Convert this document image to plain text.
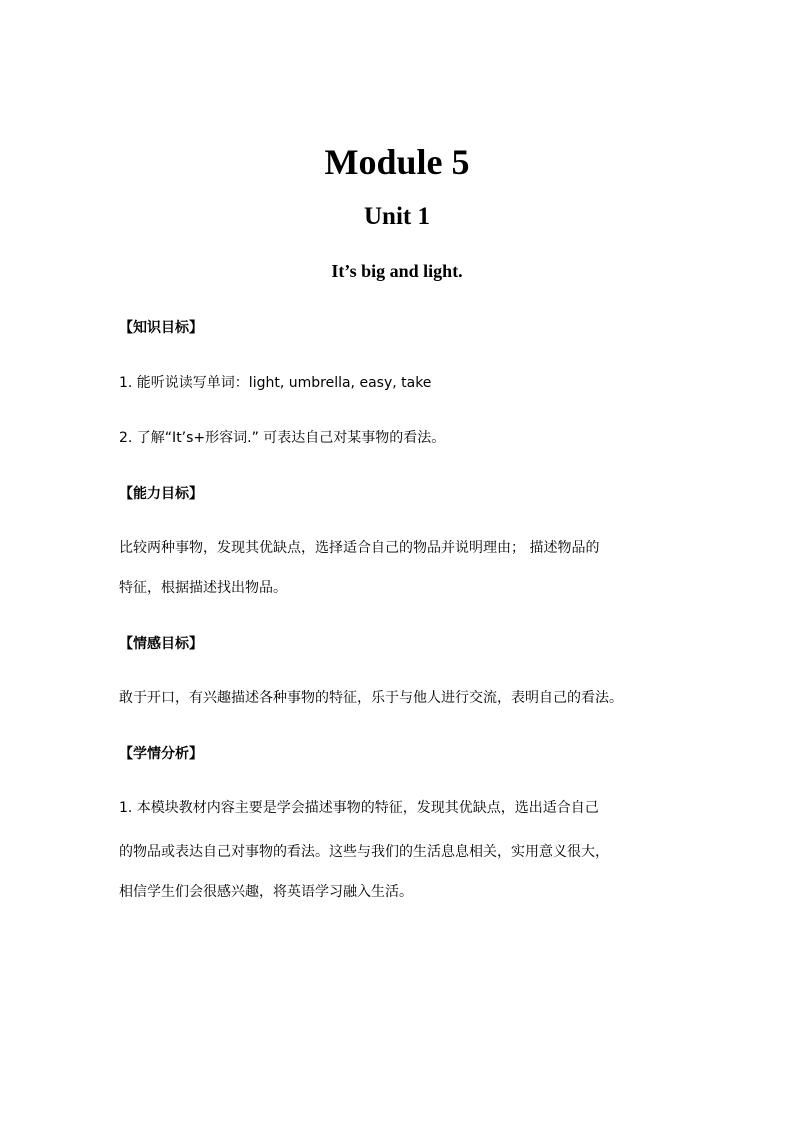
Module 5
Unit 1
It’s big and light.
【知识目标】
1. 能听说读写单词：light, umbrella, easy, take
2. 了解“It’s+形容词.” 可表达自己对某事物的看法。
【能力目标】
比较两种事物，发现其优缺点，选择适合自己的物品并说明理由； 描述物品的
特征，根据描述找出物品。
【情感目标】
敢于开口，有兴趣描述各种事物的特征，乐于与他人进行交流，表明自己的看法。
【学情分析】
1. 本模块教材内容主要是学会描述事物的特征，发现其优缺点，选出适合自己
的物品或表达自己对事物的看法。这些与我们的生活息息相关，实用意义很大，
相信学生们会很感兴趣，将英语学习融入生活。
